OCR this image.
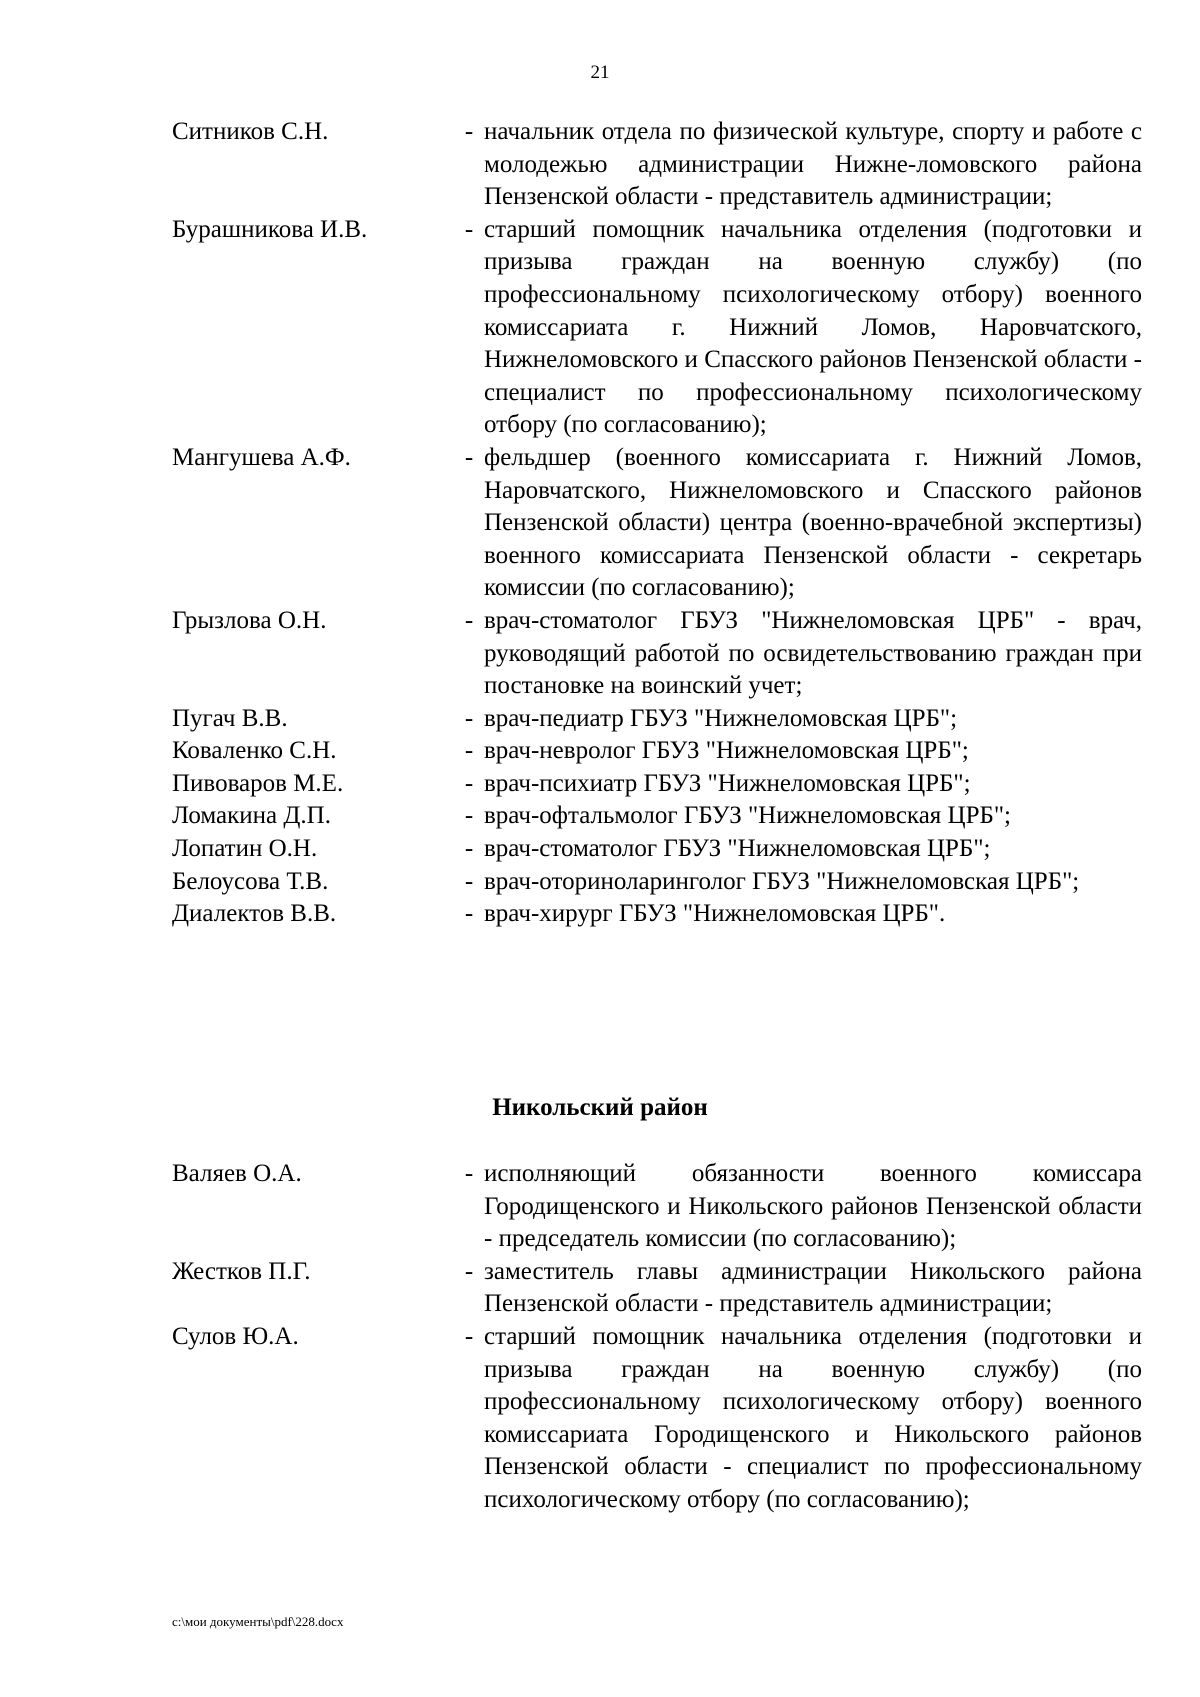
21
Ситников С.Н.	- начальник отдела по физической культуре, спорту и работе с молодежью администрации Нижне-ломовского района Пензенской области - представитель администрации;
Бурашникова И.В.	- старший помощник начальника отделения (подготовки и призыва граждан на военную службу) (по профессиональному психологическому отбору) военного комиссариата г. Нижний Ломов, Наровчатского, Нижнеломовского и Спасского районов Пензенской области - специалист по профессиональному психологическому отбору (по согласованию);
Мангушева А.Ф.	- фельдшер (военного комиссариата г. Нижний Ломов, Наровчатского, Нижнеломовского и Спасского районов Пензенской области) центра (военно-врачебной экспертизы) военного комиссариата Пензенской области - секретарь комиссии (по согласованию);
Грызлова О.Н.	- врач-стоматолог ГБУЗ "Нижнеломовская ЦРБ" - врач, руководящий работой по освидетельствованию граждан при постановке на воинский учет;
Пугач В.В.	- врач-педиатр ГБУЗ "Нижнеломовская ЦРБ";
Коваленко С.Н.	- врач-невролог ГБУЗ "Нижнеломовская ЦРБ";
Пивоваров М.Е.	- врач-психиатр ГБУЗ "Нижнеломовская ЦРБ";
Ломакина Д.П.	- врач-офтальмолог ГБУЗ "Нижнеломовская ЦРБ";
Лопатин О.Н.	- врач-стоматолог ГБУЗ "Нижнеломовская ЦРБ";
Белоусова Т.В.	- врач-оториноларинголог ГБУЗ "Нижнеломовская ЦРБ";
Диалектов В.В.	- врач-хирург ГБУЗ "Нижнеломовская ЦРБ".
Никольский район
Валяев О.А.	- исполняющий обязанности военного комиссара Городищенского и Никольского районов Пензенской области - председатель комиссии (по согласованию);
Жестков П.Г.	- заместитель главы администрации Никольского района Пензенской области - представитель администрации;
Сулов Ю.А.	- старший помощник начальника отделения (подготовки и призыва граждан на военную службу) (по профессиональному психологическому отбору) военного комиссариата Городищенского и Никольского районов Пензенской области - специалист по профессиональному психологическому отбору (по согласованию);
c:\мои документы\pdf\228.docx
